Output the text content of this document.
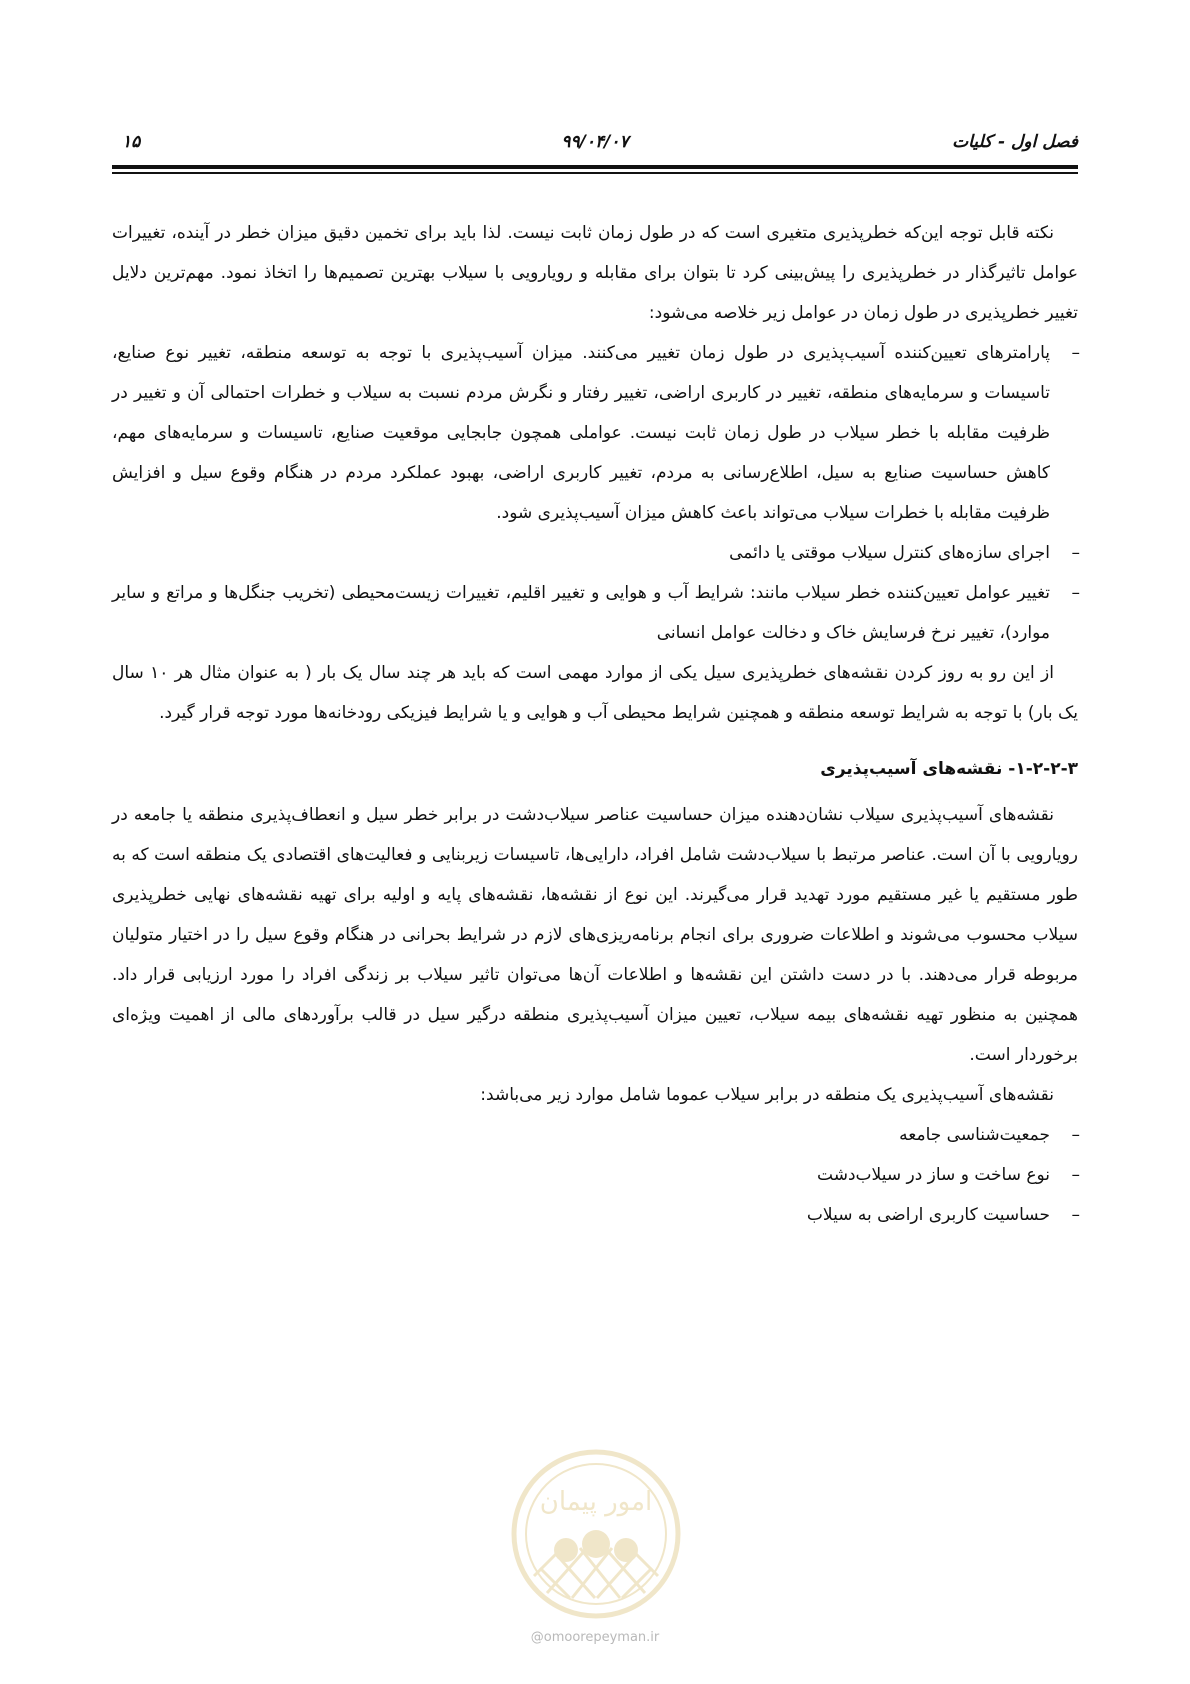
۱۵	۹۹/۰۴/۰۷	فصل اول - کلیات

نکته قابل توجه این‌که خطرپذیری متغیری است که در طول زمان ثابت نیست. لذا باید برای تخمین دقیق میزان خطر در آینده، تغییرات عوامل تاثیرگذار در خطرپذیری را پیش‌بینی کرد تا بتوان برای مقابله و رویارویی با سیلاب بهترین تصمیم‌ها را اتخاذ نمود. مهم‌ترین دلایل تغییر خطرپذیری در طول زمان در عوامل زیر خلاصه می‌شود:

– پارامترهای تعیین‌کننده آسیب‌پذیری در طول زمان تغییر می‌کنند. میزان آسیب‌پذیری با توجه به توسعه منطقه، تغییر نوع صنایع، تاسیسات و سرمایه‌های منطقه، تغییر در کاربری اراضی، تغییر رفتار و نگرش مردم نسبت به سیلاب و خطرات احتمالی آن و تغییر در ظرفیت مقابله با خطر سیلاب در طول زمان ثابت نیست. عواملی همچون جابجایی موقعیت صنایع، تاسیسات و سرمایه‌های مهم، کاهش حساسیت صنایع به سیل، اطلاع‌رسانی به مردم، تغییر کاربری اراضی، بهبود عملکرد مردم در هنگام وقوع سیل و افزایش ظرفیت مقابله با خطرات سیلاب می‌تواند باعث کاهش میزان آسیب‌پذیری شود.
– اجرای سازه‌های کنترل سیلاب موقتی یا دائمی
– تغییر عوامل تعیین‌کننده خطر سیلاب مانند: شرایط آب و هوایی و تغییر اقلیم، تغییرات زیست‌محیطی (تخریب جنگل‌ها و مراتع و سایر موارد)، تغییر نرخ فرسایش خاک و دخالت عوامل انسانی

از این رو به روز کردن نقشه‌های خطرپذیری سیل یکی از موارد مهمی است که باید هر چند سال یک بار ( به عنوان مثال هر ۱۰ سال یک بار) با توجه به شرایط توسعه منطقه و همچنین شرایط محیطی آب و هوایی و یا شرایط فیزیکی رودخانه‌ها مورد توجه قرار گیرد.

۱-۲-۲-۳- نقشه‌های آسیب‌پذیری

نقشه‌های آسیب‌پذیری سیلاب نشان‌دهنده میزان حساسیت عناصر سیلاب‌دشت در برابر خطر سیل و انعطاف‌پذیری منطقه یا جامعه در رویارویی با آن است. عناصر مرتبط با سیلاب‌دشت شامل افراد، دارایی‌ها، تاسیسات زیربنایی و فعالیت‌های اقتصادی یک منطقه است که به طور مستقیم یا غیر مستقیم مورد تهدید قرار می‌گیرند. این نوع از نقشه‌ها، نقشه‌های پایه و اولیه برای تهیه نقشه‌های نهایی خطرپذیری سیلاب محسوب می‌شوند و اطلاعات ضروری برای انجام برنامه‌ریزی‌های لازم در شرایط بحرانی در هنگام وقوع سیل را در اختیار متولیان مربوطه قرار می‌دهند. با در دست داشتن این نقشه‌ها و اطلاعات آن‌ها می‌توان تاثیر سیلاب بر زندگی افراد را مورد ارزیابی قرار داد. همچنین به منظور تهیه نقشه‌های بیمه سیلاب، تعیین میزان آسیب‌پذیری منطقه درگیر سیل در قالب برآوردهای مالی از اهمیت ویژه‌ای برخوردار است.

نقشه‌های آسیب‌پذیری یک منطقه در برابر سیلاب عموما شامل موارد زیر می‌باشد:

– جمعیت‌شناسی جامعه
– نوع ساخت و ساز در سیلاب‌دشت
– حساسیت کاربری اراضی به سیلاب
امور پیمان
@omoorepeyman.ir
